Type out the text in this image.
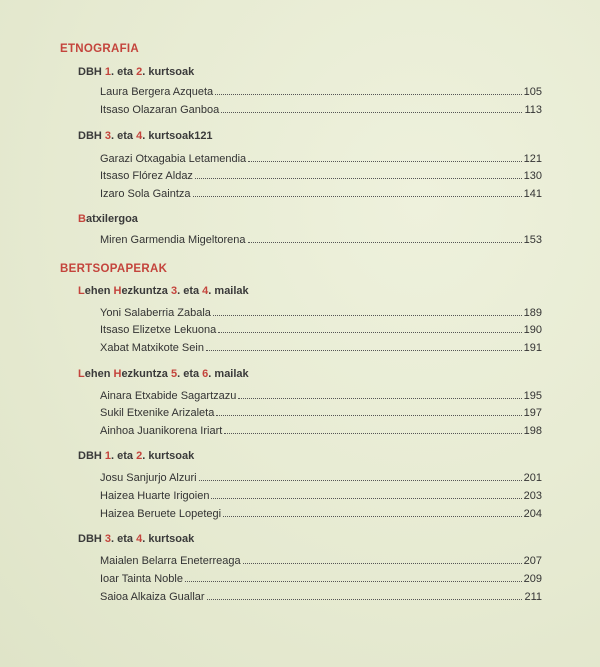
ETNOGRAFIA
DBH 1. eta 2. kurtsoak
Laura Bergera Azqueta	105
Itsaso Olazaran Ganboa	113
DBH 3. eta 4. kurtsoak121
Garazi Otxagabia Letamendia	121
Itsaso Flórez Aldaz	130
Izaro Sola Gaintza	141
Batxilergoa
Miren Garmendia Migeltorena	153
BERTSOPAPERAK
Lehen Hezkuntza 3. eta 4. mailak
Yoni Salaberria Zabala	189
Itsaso Elizetxe Lekuona	190
Xabat Matxikote Sein	191
Lehen Hezkuntza 5. eta 6. mailak
Ainara Etxabide Sagartzazu	195
Sukil Etxenike Arizaleta	197
Ainhoa Juanikorena Iriart	198
DBH 1. eta 2. kurtsoak
Josu Sanjurjo Alzuri	201
Haizea Huarte Irigoien	203
Haizea Beruete Lopetegi	204
DBH 3. eta 4. kurtsoak
Maialen Belarra Eneterreaga	207
Ioar Tainta Noble	209
Saioa Alkaiza Guallar	211
